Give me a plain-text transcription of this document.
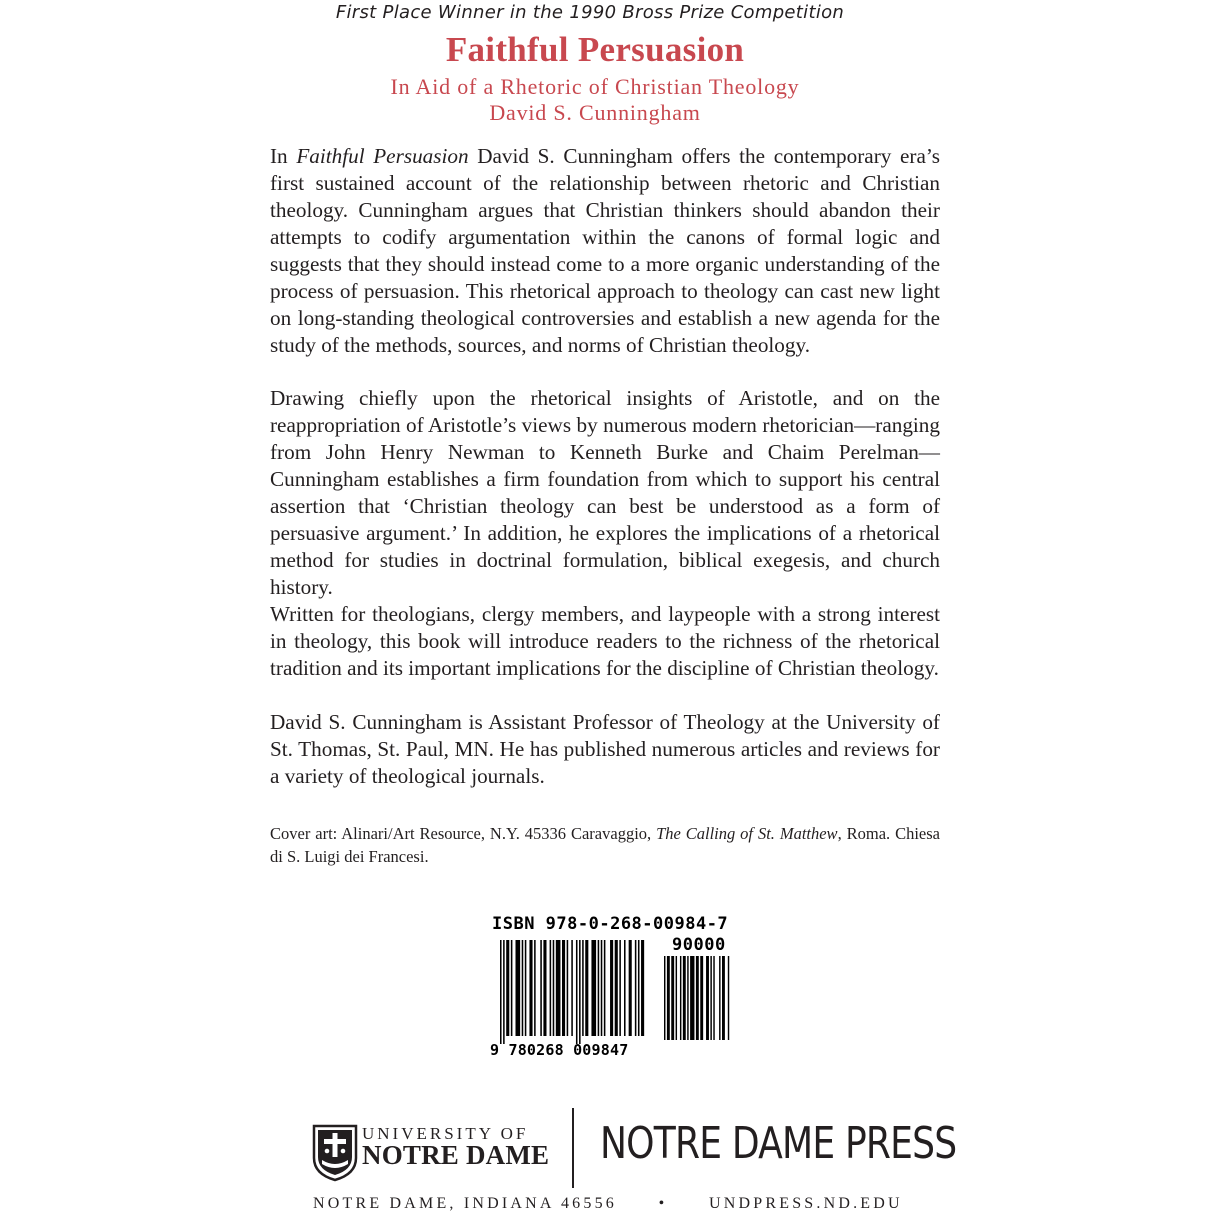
First Place Winner in the 1990 Bross Prize Competition
Faithful Persuasion
In Aid of a Rhetoric of Christian Theology
David S. Cunningham

In Faithful Persuasion David S. Cunningham offers the contemporary era’s first sustained account of the relationship between rhetoric and Christian theology. Cunningham argues that Christian thinkers should abandon their attempts to codify argumentation within the canons of formal logic and suggests that they should instead come to a more organic understanding of the process of persuasion. This rhetorical approach to theology can cast new light on long-standing theological controversies and establish a new agenda for the study of the methods, sources, and norms of Christian theology.

Drawing chiefly upon the rhetorical insights of Aristotle, and on the reappropriation of Aristotle’s views by numerous modern rhetorician—ranging from John Henry Newman to Kenneth Burke and Chaim Perelman—Cunningham establishes a firm foundation from which to support his central assertion that ‘Christian theology can best be understood as a form of persuasive argument.’ In addition, he explores the implications of a rhetorical method for studies in doctrinal formulation, biblical exegesis, and church history.

Written for theologians, clergy members, and laypeople with a strong interest in theology, this book will introduce readers to the richness of the rhetorical tradition and its important implications for the discipline of Christian theology.

David S. Cunningham is Assistant Professor of Theology at the University of St. Thomas, St. Paul, MN. He has published numerous articles and reviews for a variety of theological journals.

Cover art: Alinari/Art Resource, N.Y. 45336 Caravaggio, The Calling of St. Matthew, Roma. Chiesa di S. Luigi dei Francesi.

ISBN 978-0-268-00984-7
90000
9 780268 009847
UNIVERSITY OF
NOTRE DAME NOTRE DAME PRESS
NOTRE DAME, INDIANA 46556	•	UNDPRESS.ND.EDU
